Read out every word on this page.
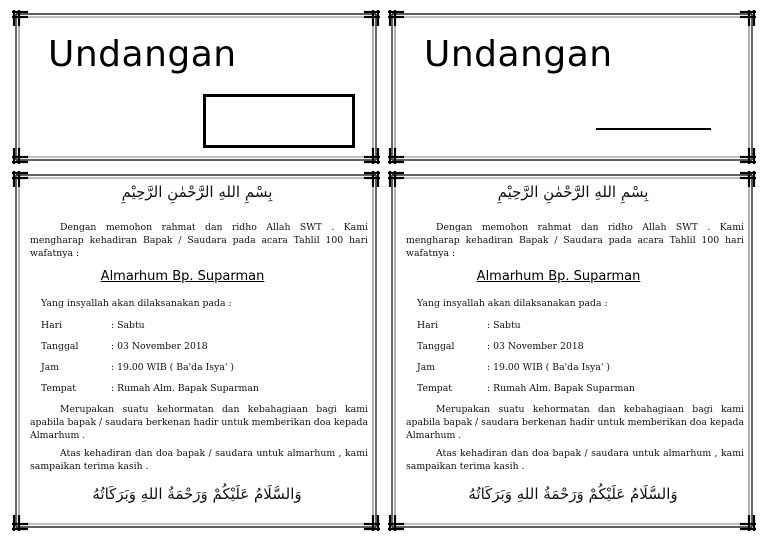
Undangan
بِسْمِ اللهِ الرَّحْمٰنِ الرَّحِيْمِ
Dengan memohon rahmat dan ridho Allah SWT . Kami mengharap kehadiran Bapak / Saudara pada acara Tahlil 100 hari wafatnya :
Almarhum Bp. Suparman
Yang insyallah akan dilaksanakan pada :
Hari	: Sabtu
Tanggal	: 03 November 2018
Jam	: 19.00 WIB ( Ba'da Isya' )
Tempat	: Rumah Alm. Bapak Suparman
Merupakan suatu kehormatan dan kebahagiaan bagi kami apabila bapak / saudara berkenan hadir untuk memberikan doa kepada Almarhum .
Atas kehadiran dan doa bapak / saudara untuk almarhum , kami sampaikan terima kasih .
وَالسَّلَامُ عَلَيْكُمْ وَرَحْمَةُ اللهِ وَبَرَكَاتُهُ
Undangan
بِسْمِ اللهِ الرَّحْمٰنِ الرَّحِيْمِ
Dengan memohon rahmat dan ridho Allah SWT . Kami mengharap kehadiran Bapak / Saudara pada acara Tahlil 100 hari wafatnya :
Almarhum Bp. Suparman
Yang insyallah akan dilaksanakan pada :
Hari	: Sabtu
Tanggal	: 03 November 2018
Jam	: 19.00 WIB ( Ba'da Isya' )
Tempat	: Rumah Alm. Bapak Suparman
Merupakan suatu kehormatan dan kebahagiaan bagi kami apabila bapak / saudara berkenan hadir untuk memberikan doa kepada Almarhum .
Atas kehadiran dan doa bapak / saudara untuk almarhum , kami sampaikan terima kasih .
وَالسَّلَامُ عَلَيْكُمْ وَرَحْمَةُ اللهِ وَبَرَكَاتُهُ
